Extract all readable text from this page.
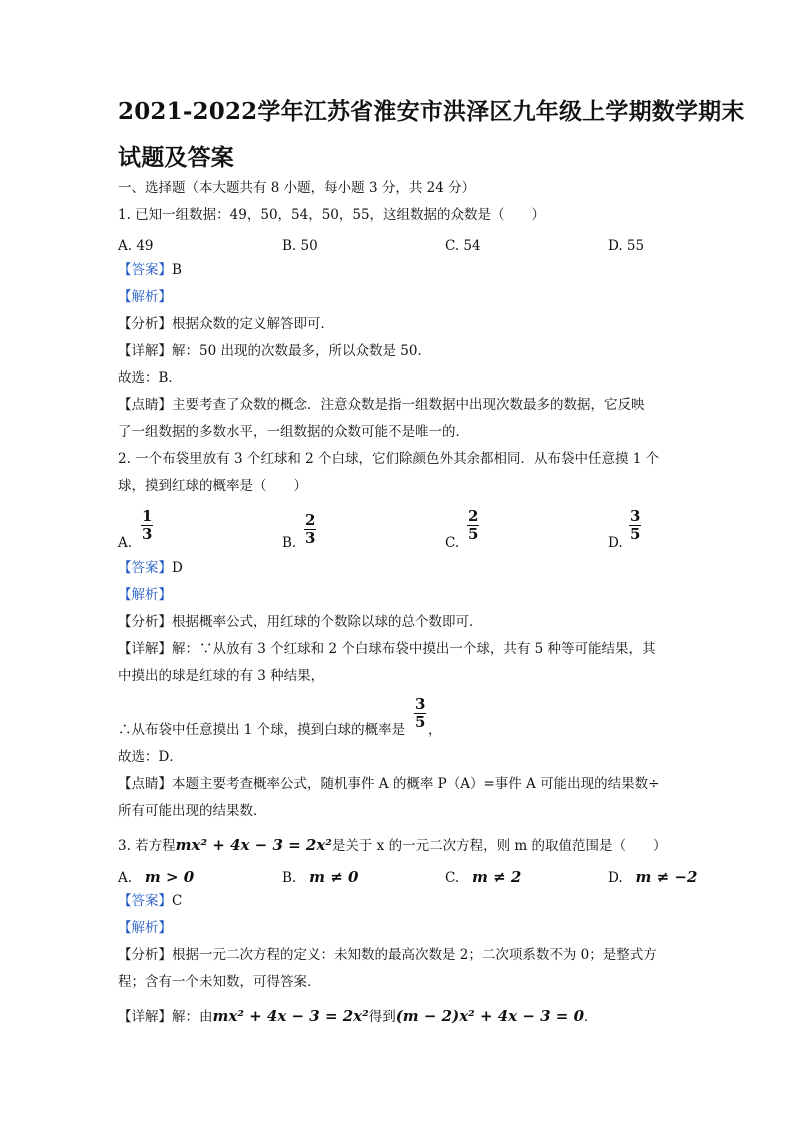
2021-2022学年江苏省淮安市洪泽区九年级上学期数学期末
试题及答案
一、选择题（本大题共有 8 小题，每小题 3 分，共 24 分）
1. 已知一组数据：49，50，54，50，55，这组数据的众数是（　　）
A. 49	B. 50	C. 54	D. 55
【答案】B
【解析】
【分析】根据众数的定义解答即可．
【详解】解：50 出现的次数最多，所以众数是 50．
故选：B．
【点睛】主要考查了众数的概念．注意众数是指一组数据中出现次数最多的数据，它反映
了一组数据的多数水平，一组数据的众数可能不是唯一的．
2. 一个布袋里放有 3 个红球和 2 个白球，它们除颜色外其余都相同．从布袋中任意摸 1 个
球，摸到红球的概率是（　　）
A. $\frac{1}{3}$	B. $\frac{2}{3}$	C. $\frac{2}{5}$	D. $\frac{3}{5}$
【答案】D
【解析】
【分析】根据概率公式，用红球的个数除以球的总个数即可．
【详解】解：∵从放有 3 个红球和 2 个白球布袋中摸出一个球，共有 5 种等可能结果，其
中摸出的球是红球的有 3 种结果，
∴从布袋中任意摸出 1 个球，摸到白球的概率是 $\frac{3}{5}$ ，
故选：D．
【点睛】本题主要考查概率公式，随机事件 A 的概率 P（A）=事件 A 可能出现的结果数÷
所有可能出现的结果数．
3. 若方程mx² + 4x − 3 = 2x²是关于 x 的一元二次方程，则 m 的取值范围是（　　）
A. m > 0	B. m ≠ 0	C. m ≠ 2	D. m ≠ −2
【答案】C
【解析】
【分析】根据一元二次方程的定义：未知数的最高次数是 2；二次项系数不为 0；是整式方
程；含有一个未知数，可得答案．
【详解】解：由mx² + 4x − 3 = 2x²得到(m − 2)x² + 4x − 3 = 0．
